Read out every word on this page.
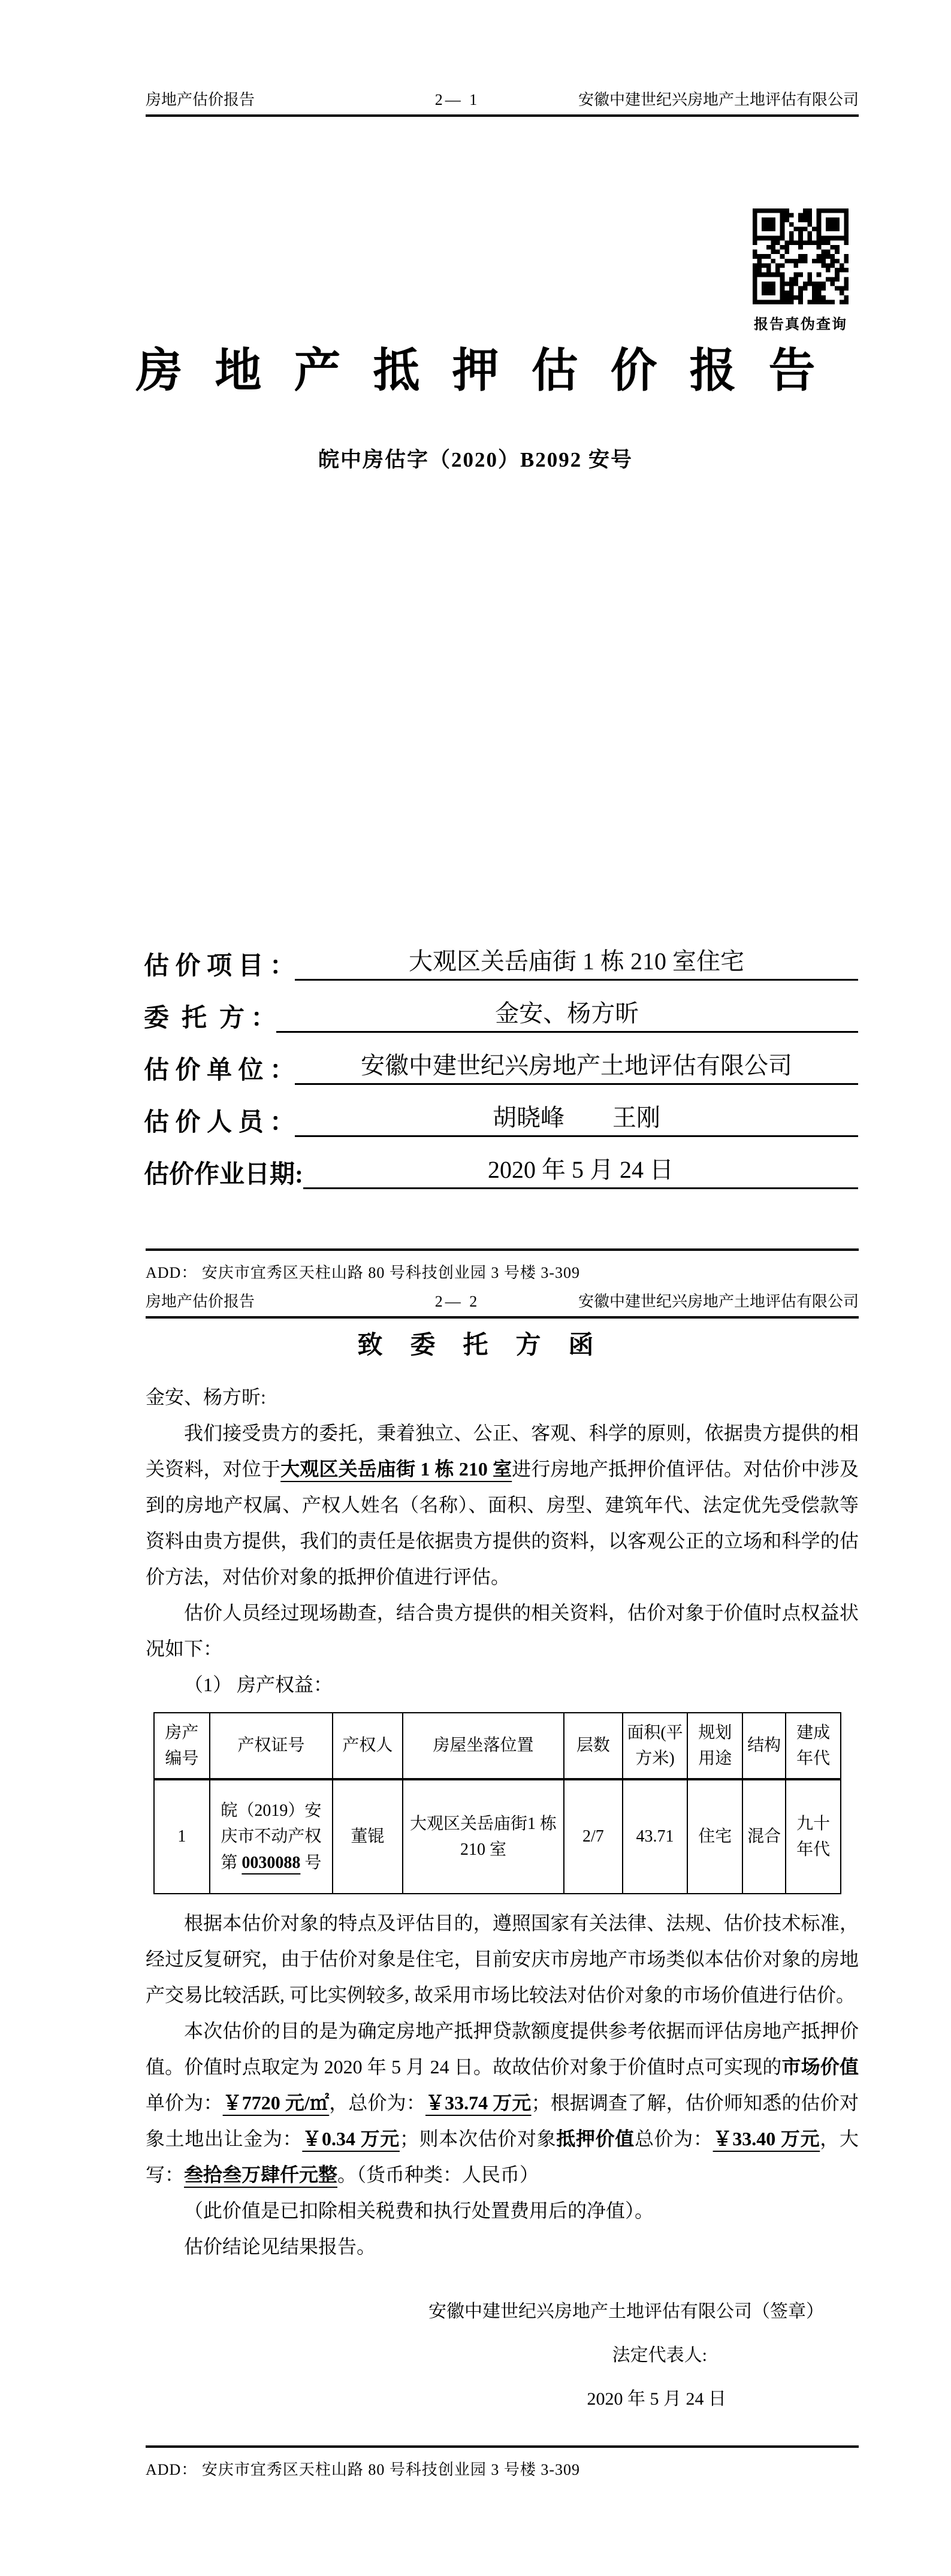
房地产估价报告	2— 1	安徽中建世纪兴房地产土地评估有限公司
报告真伪查询
房地产抵押估价报告
皖中房估字（2020）B2092 安号
估 价 项 目 ：	大观区关岳庙街 1 栋 210 室住宅
委  托  方 ：	金安、杨方昕
估 价 单 位 ：	安徽中建世纪兴房地产土地评估有限公司
估 价 人 员 ：	胡晓峰　　王刚
估价作业日期:	2020 年 5 月 24 日
ADD： 安庆市宜秀区天柱山路 80 号科技创业园 3 号楼 3-309
房地产估价报告	2— 2	安徽中建世纪兴房地产土地评估有限公司
致委托方函

金安、杨方昕:

我们接受贵方的委托，秉着独立、公正、客观、科学的原则，依据贵方提供的相关资料，对位于大观区关岳庙街 1 栋 210 室进行房地产抵押价值评估。对估价中涉及到的房地产权属、产权人姓名（名称）、面积、房型、建筑年代、法定优先受偿款等资料由贵方提供，我们的责任是依据贵方提供的资料，以客观公正的立场和科学的估价方法，对估价对象的抵押价值进行评估。

估价人员经过现场勘查，结合贵方提供的相关资料，估价对象于价值时点权益状况如下：

（1） 房产权益：

房产编号	产权证号	产权人	房屋坐落位置	层数	面积(平方米)	规划用途	结构	建成年代
1	皖（2019）安庆市不动产权第 0030088 号	董锟	大观区关岳庙街1 栋 210 室	2/7	43.71	住宅	混合	九十年代

根据本估价对象的特点及评估目的，遵照国家有关法律、法规、估价技术标准，经过反复研究，由于估价对象是住宅，目前安庆市房地产市场类似本估价对象的房地产交易比较活跃, 可比实例较多, 故采用市场比较法对估价对象的市场价值进行估价。

本次估价的目的是为确定房地产抵押贷款额度提供参考依据而评估房地产抵押价值。价值时点取定为 2020 年 5 月 24 日。故故估价对象于价值时点可实现的市场价值单价为：￥7720 元/㎡，总价为：￥33.74 万元；根据调查了解，估价师知悉的估价对象土地出让金为：￥0.34 万元；则本次估价对象抵押价值总价为：￥33.40 万元，大写：叁拾叁万肆仟元整。（货币种类：人民币）

（此价值是已扣除相关税费和执行处置费用后的净值）。

估价结论见结果报告。

安徽中建世纪兴房地产土地评估有限公司（签章）
法定代表人:
2020 年 5 月 24 日
ADD： 安庆市宜秀区天柱山路 80 号科技创业园 3 号楼 3-309
